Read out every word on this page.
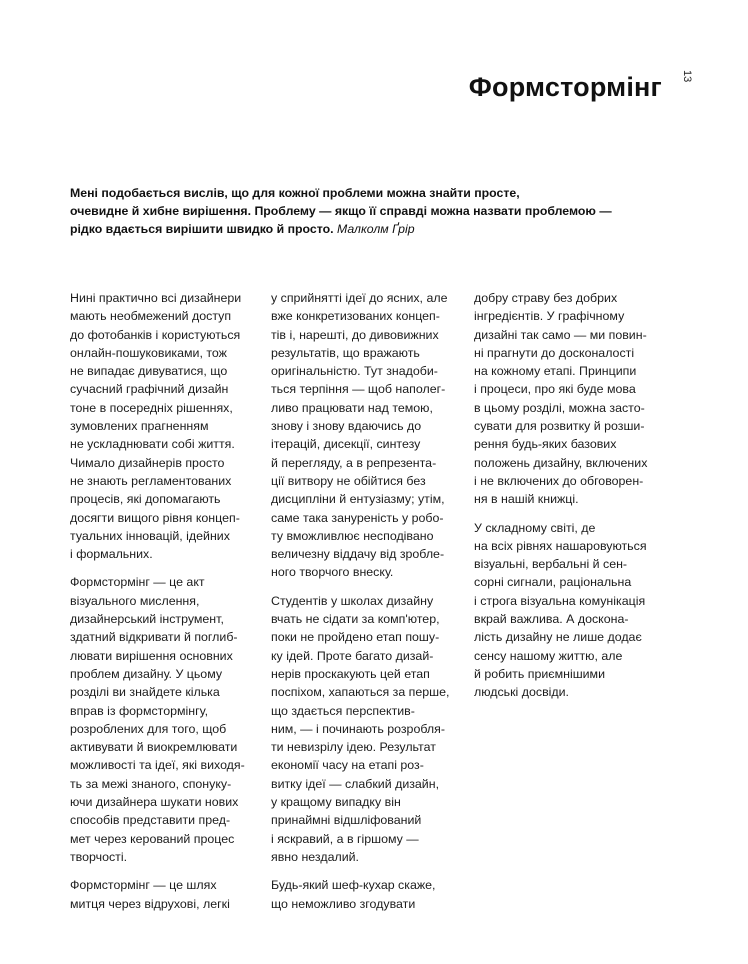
Формстормінг 13
Мені подобається вислів, що для кожної проблеми можна знайти просте,
очевидне й хибне вирішення. Проблему — якщо її справді можна назвати проблемою —
рідко вдається вирішити швидко й просто. Малколм Ґрір

Нині практично всі дизайнери
мають необмежений доступ
до фотобанків і користуються
онлайн-пошуковиками, тож
не випадає дивуватися, що
сучасний графічний дизайн
тоне в посередніх рішеннях,
зумовлених прагненням
не ускладнювати собі життя.
Чимало дизайнерів просто
не знають регламентованих
процесів, які допомагають
досягти вищого рівня концеп-
туальних інновацій, ідейних
і формальних.

Формстормінг — це акт
візуального мислення,
дизайнерський інструмент,
здатний відкривати й поглиб-
лювати вирішення основних
проблем дизайну. У цьому
розділі ви знайдете кілька
вправ із формстормінгу,
розроблених для того, щоб
активувати й виокремлювати
можливості та ідеї, які виходя-
ть за межі знаного, спонуку-
ючи дизайнера шукати нових
способів представити пред-
мет через керований процес
творчості.

Формстормінг — це шлях
митця через відрухові, легкі

у сприйнятті ідеї до ясних, але
вже конкретизованих концеп-
тів і, нарешті, до дивовижних
результатів, що вражають
оригінальністю. Тут знадоби-
ться терпіння — щоб наполег-
ливо працювати над темою,
знову і знову вдаючись до
ітерацій, дисекції, синтезу
й перегляду, а в репрезента-
ції витвору не обійтися без
дисципліни й ентузіазму; утім,
саме така зануреність у робо-
ту вможливлює несподівано
величезну віддачу від зробле-
ного творчого внеску.

Студентів у школах дизайну
вчать не сідати за комп'ютер,
поки не пройдено етап пошу-
ку ідей. Проте багато дизай-
нерів проскакують цей етап
поспіхом, хапаються за перше,
що здається перспектив-
ним, — і починають розробля-
ти невизрілу ідею. Результат
економії часу на етапі роз-
витку ідеї — слабкий дизайн,
у кращому випадку він
принаймні відшліфований
і яскравий, а в гіршому —
явно нездалий.

Будь-який шеф-кухар скаже,
що неможливо згодувати

добру страву без добрих
інгредієнтів. У графічному
дизайні так само — ми повин-
ні прагнути до досконалості
на кожному етапі. Принципи
і процеси, про які буде мова
в цьому розділі, можна засто-
сувати для розвитку й розши-
рення будь-яких базових
положень дизайну, включених
і не включених до обговорен-
ня в нашій книжці.

У складному світі, де
на всіх рівнях нашаровуються
візуальні, вербальні й сен-
сорні сигнали, раціональна
і строга візуальна комунікація
вкрай важлива. А доскона-
лість дизайну не лише додає
сенсу нашому життю, але
й робить приємнішими
людські досвіди.
